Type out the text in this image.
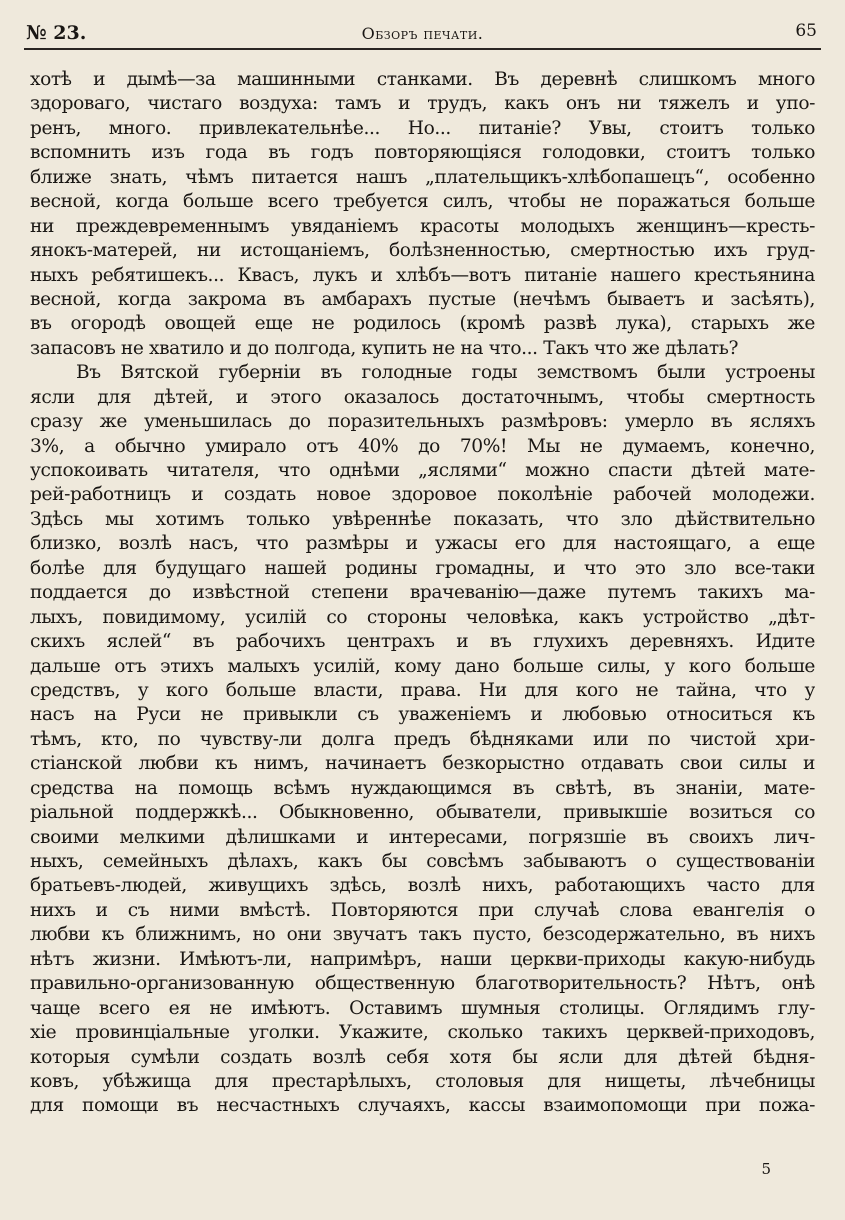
№ 23.	Обзоръ печати.	65
хотѣ и дымѣ—за машинными станками. Въ деревнѣ слишкомъ много
здороваго, чистаго воздуха: тамъ и трудъ, какъ онъ ни тяжелъ и упо-
ренъ, много. привлекательнѣе... Но... питаніе? Увы, стоитъ только
вспомнить изъ года въ годъ повторяющіяся голодовки, стоитъ только
ближе знать, чѣмъ питается нашъ „плательщикъ-хлѣбопашецъ“, особенно
весной, когда больше всего требуется силъ, чтобы не поражаться больше
ни преждевременнымъ увяданіемъ красоты молодыхъ женщинъ—кресть-
янокъ-матерей, ни истощаніемъ, болѣзненностью, смертностью ихъ груд-
ныхъ ребятишекъ... Квасъ, лукъ и хлѣбъ—вотъ питаніе нашего крестьянина
весной, когда закрома въ амбарахъ пустые (нечѣмъ бываетъ и засѣять),
въ огородѣ овощей еще не родилось (кромѣ развѣ лука), старыхъ же
запасовъ не хватило и до полгода, купить не на что... Такъ что же дѣлать?
Въ Вятской губерніи въ голодные годы земствомъ были устроены
ясли для дѣтей, и этого оказалось достаточнымъ, чтобы смертность
сразу же уменьшилась до поразительныхъ размѣровъ: умерло въ ясляхъ
3%, а обычно умирало отъ 40% до 70%! Мы не думаемъ, конечно,
успокоивать читателя, что однѣми „яслями“ можно спасти дѣтей мате-
рей-работницъ и создать новое здоровое поколѣніе рабочей молодежи.
Здѣсь мы хотимъ только увѣреннѣе показать, что зло дѣйствительно
близко, возлѣ насъ, что размѣры и ужасы его для настоящаго, а еще
болѣе для будущаго нашей родины громадны, и что это зло все-таки
поддается до извѣстной степени врачеванію—даже путемъ такихъ ма-
лыхъ, повидимому, усилій со стороны человѣка, какъ устройство „дѣт-
скихъ яслей“ въ рабочихъ центрахъ и въ глухихъ деревняхъ. Идите
дальше отъ этихъ малыхъ усилій, кому дано больше силы, у кого больше
средствъ, у кого больше власти, права. Ни для кого не тайна, что у
насъ на Руси не привыкли съ уваженіемъ и любовью относиться къ
тѣмъ, кто, по чувству-ли долга предъ бѣдняками или по чистой хри-
стіанской любви къ нимъ, начинаетъ безкорыстно отдавать свои силы и
средства на помощь всѣмъ нуждающимся въ свѣтѣ, въ знаніи, мате-
ріальной поддержкѣ... Обыкновенно, обыватели, привыкшіе возиться со
своими мелкими дѣлишками и интересами, погрязшіе въ своихъ лич-
ныхъ, семейныхъ дѣлахъ, какъ бы совсѣмъ забываютъ о существованіи
братьевъ-людей, живущихъ здѣсь, возлѣ нихъ, работающихъ часто для
нихъ и съ ними вмѣстѣ. Повторяются при случаѣ слова евангелія о
любви къ ближнимъ, но они звучатъ такъ пусто, безсодержательно, въ нихъ
нѣтъ жизни. Имѣютъ-ли, напримѣръ, наши церкви-приходы какую-нибудь
правильно-организованную общественную благотворительность? Нѣтъ, онѣ
чаще всего ея не имѣютъ. Оставимъ шумныя столицы. Оглядимъ глу-
хіе провинціальные уголки. Укажите, сколько такихъ церквей-приходовъ,
которыя сумѣли создать возлѣ себя хотя бы ясли для дѣтей бѣдня-
ковъ, убѣжища для престарѣлыхъ, столовыя для нищеты, лѣчебницы
для помощи въ несчастныхъ случаяхъ, кассы взаимопомощи при пожа-
5
